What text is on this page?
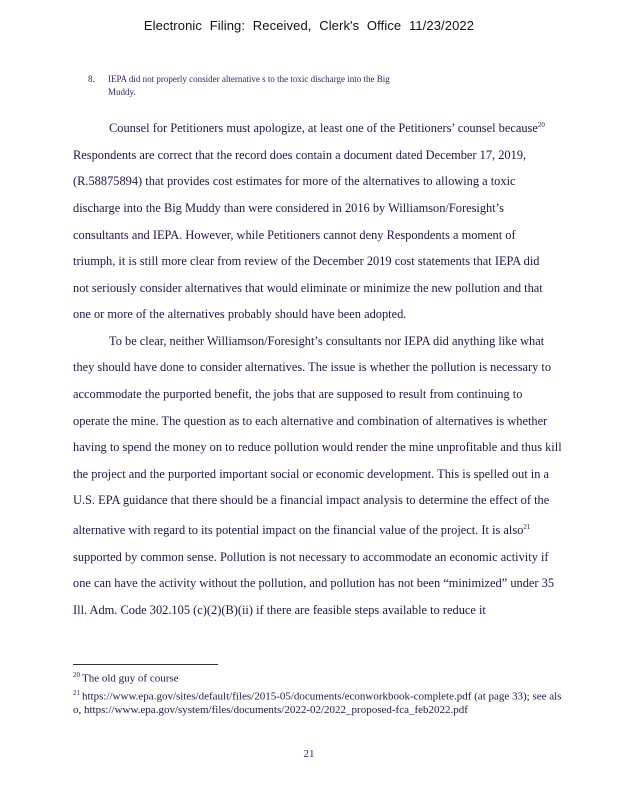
Electronic Filing: Received, Clerk's Office 11/23/2022
8. IEPA did not properly consider alternative s to the toxic discharge into the Big
Muddy.
Counsel for Petitioners must apologize, at least one of the Petitioners’ counsel because$^{20}$
Respondents are correct that the record does contain a document dated December 17, 2019,
(R.58875894) that provides cost estimates for more of the alternatives to allowing a toxic
discharge into the Big Muddy than were considered in 2016 by Williamson/Foresight’s
consultants and IEPA. However, while Petitioners cannot deny Respondents a moment of
triumph, it is still more clear from review of the December 2019 cost statements that IEPA did
not seriously consider alternatives that would eliminate or minimize the new pollution and that
one or more of the alternatives probably should have been adopted.
To be clear, neither Williamson/Foresight’s consultants nor IEPA did anything like what
they should have done to consider alternatives. The issue is whether the pollution is necessary to
accommodate the purported benefit, the jobs that are supposed to result from continuing to
operate the mine. The question as to each alternative and combination of alternatives is whether
having to spend the money on to reduce pollution would render the mine unprofitable and thus kill
the project and the purported important social or economic development. This is spelled out in a
U.S. EPA guidance that there should be a financial impact analysis to determine the effect of the
alternative with regard to its potential impact on the financial value of the project. It is also$^{21}$
supported by common sense. Pollution is not necessary to accommodate an economic activity if
one can have the activity without the pollution, and pollution has not been “minimized” under 35
Ill. Adm. Code 302.105 (c)(2)(B)(ii) if there are feasible steps available to reduce it
$^{20}$ The old guy of course
$^{21}$ https://www.epa.gov/sites/default/files/2015-05/documents/econworkbook-complete.pdf (at page 33); see also, https://www.epa.gov/system/files/documents/2022-02/2022_proposed-fca_feb2022.pdf
21
